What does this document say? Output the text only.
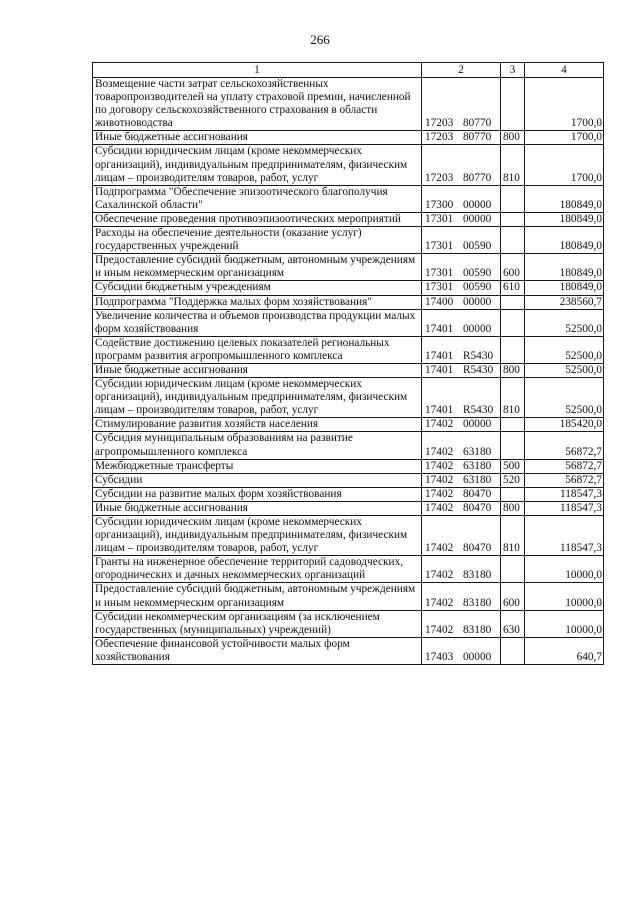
266
1	2	3	4
Возмещение части затрат сельскохозяйственных товаропроизводителей на уплату страховой премии, начисленной по договору сельскохозяйственного страхования в области животноводства	17203 80770		1700,0
Иные бюджетные ассигнования	17203 80770	800	1700,0
Субсидии юридическим лицам (кроме некоммерческих организаций), индивидуальным предпринимателям, физическим лицам – производителям товаров, работ, услуг	17203 80770	810	1700,0
Подпрограмма "Обеспечение эпизоотического благополучия Сахалинской области"	17300 00000		180849,0
Обеспечение проведения противоэпизоотических мероприятий	17301 00000		180849,0
Расходы на обеспечение деятельности (оказание услуг) государственных учреждений	17301 00590		180849,0
Предоставление субсидий бюджетным, автономным учреждениям и иным некоммерческим организациям	17301 00590	600	180849,0
Субсидии бюджетным учреждениям	17301 00590	610	180849,0
Подпрограмма "Поддержка малых форм хозяйствования"	17400 00000		238560,7
Увеличение количества и объемов производства продукции малых форм хозяйствования	17401 00000		52500,0
Содействие достижению целевых показателей региональных программ развития агропромышленного комплекса	17401 R5430		52500,0
Иные бюджетные ассигнования	17401 R5430	800	52500,0
Субсидии юридическим лицам (кроме некоммерческих организаций), индивидуальным предпринимателям, физическим лицам – производителям товаров, работ, услуг	17401 R5430	810	52500,0
Стимулирование развития хозяйств населения	17402 00000		185420,0
Субсидия муниципальным образованиям на развитие агропромышленного комплекса	17402 63180		56872,7
Межбюджетные трансферты	17402 63180	500	56872,7
Субсидии	17402 63180	520	56872,7
Субсидии на развитие малых форм хозяйствования	17402 80470		118547,3
Иные бюджетные ассигнования	17402 80470	800	118547,3
Субсидии юридическим лицам (кроме некоммерческих организаций), индивидуальным предпринимателям, физическим лицам – производителям товаров, работ, услуг	17402 80470	810	118547,3
Гранты на инженерное обеспечение территорий садоводческих, огороднических и дачных некоммерческих организаций	17402 83180		10000,0
Предоставление субсидий бюджетным, автономным учреждениям и иным некоммерческим организациям	17402 83180	600	10000,0
Субсидии некоммерческим организациям (за исключением государственных (муниципальных) учреждений)	17402 83180	630	10000,0
Обеспечение финансовой устойчивости малых форм хозяйствования	17403 00000		640,7
